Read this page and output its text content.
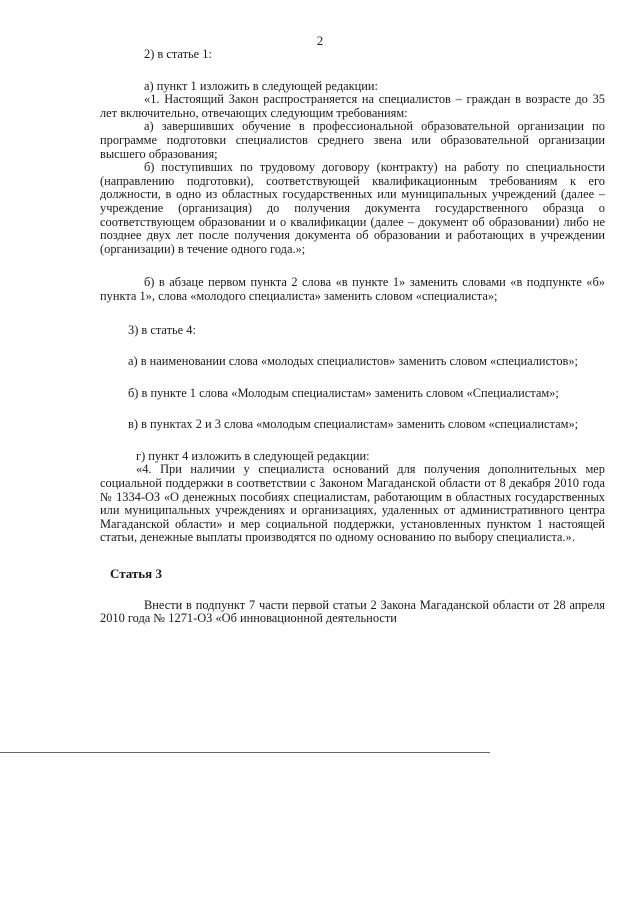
2

2) в статье 1:

а) пункт 1 изложить в следующей редакции:

«1. Настоящий Закон распространяется на специалистов – граждан в возрасте до 35 лет включительно, отвечающих следующим требованиям:

а) завершивших обучение в профессиональной образовательной организации по программе подготовки специалистов среднего звена или образовательной организации высшего образования;

б) поступивших по трудовому договору (контракту) на работу по специальности (направлению подготовки), соответствующей квалификационным требованиям к его должности, в одно из областных государственных или муниципальных учреждений (далее – учреждение (организация) до получения документа государственного образца о соответствующем образовании и о квалификации (далее – документ об образовании) либо не позднее двух лет после получения документа об образовании и работающих в учреждении (организации) в течение одного года.»;

б) в абзаце первом пункта 2 слова «в пункте 1» заменить словами «в подпункте «б» пункта 1», слова «молодого специалиста» заменить словом «специалиста»;

3) в статье 4:

а) в наименовании слова «молодых специалистов» заменить словом «специалистов»;

б) в пункте 1 слова «Молодым специалистам» заменить словом «Специалистам»;

в) в пунктах 2 и 3 слова «молодым специалистам» заменить словом «специалистам»;

г) пункт 4 изложить в следующей редакции:

«4. При наличии у специалиста оснований для получения дополнительных мер социальной поддержки в соответствии с Законом Магаданской области от 8 декабря 2010 года № 1334-ОЗ «О денежных пособиях специалистам, работающим в областных государственных или муниципальных учреждениях и организациях, удаленных от административного центра Магаданской области» и мер социальной поддержки, установленных пунктом 1 настоящей статьи, денежные выплаты производятся по одному основанию по выбору специалиста.».

Статья 3

Внести в подпункт 7 части первой статьи 2 Закона Магаданской области от 28 апреля 2010 года № 1271-ОЗ «Об инновационной деятельности
